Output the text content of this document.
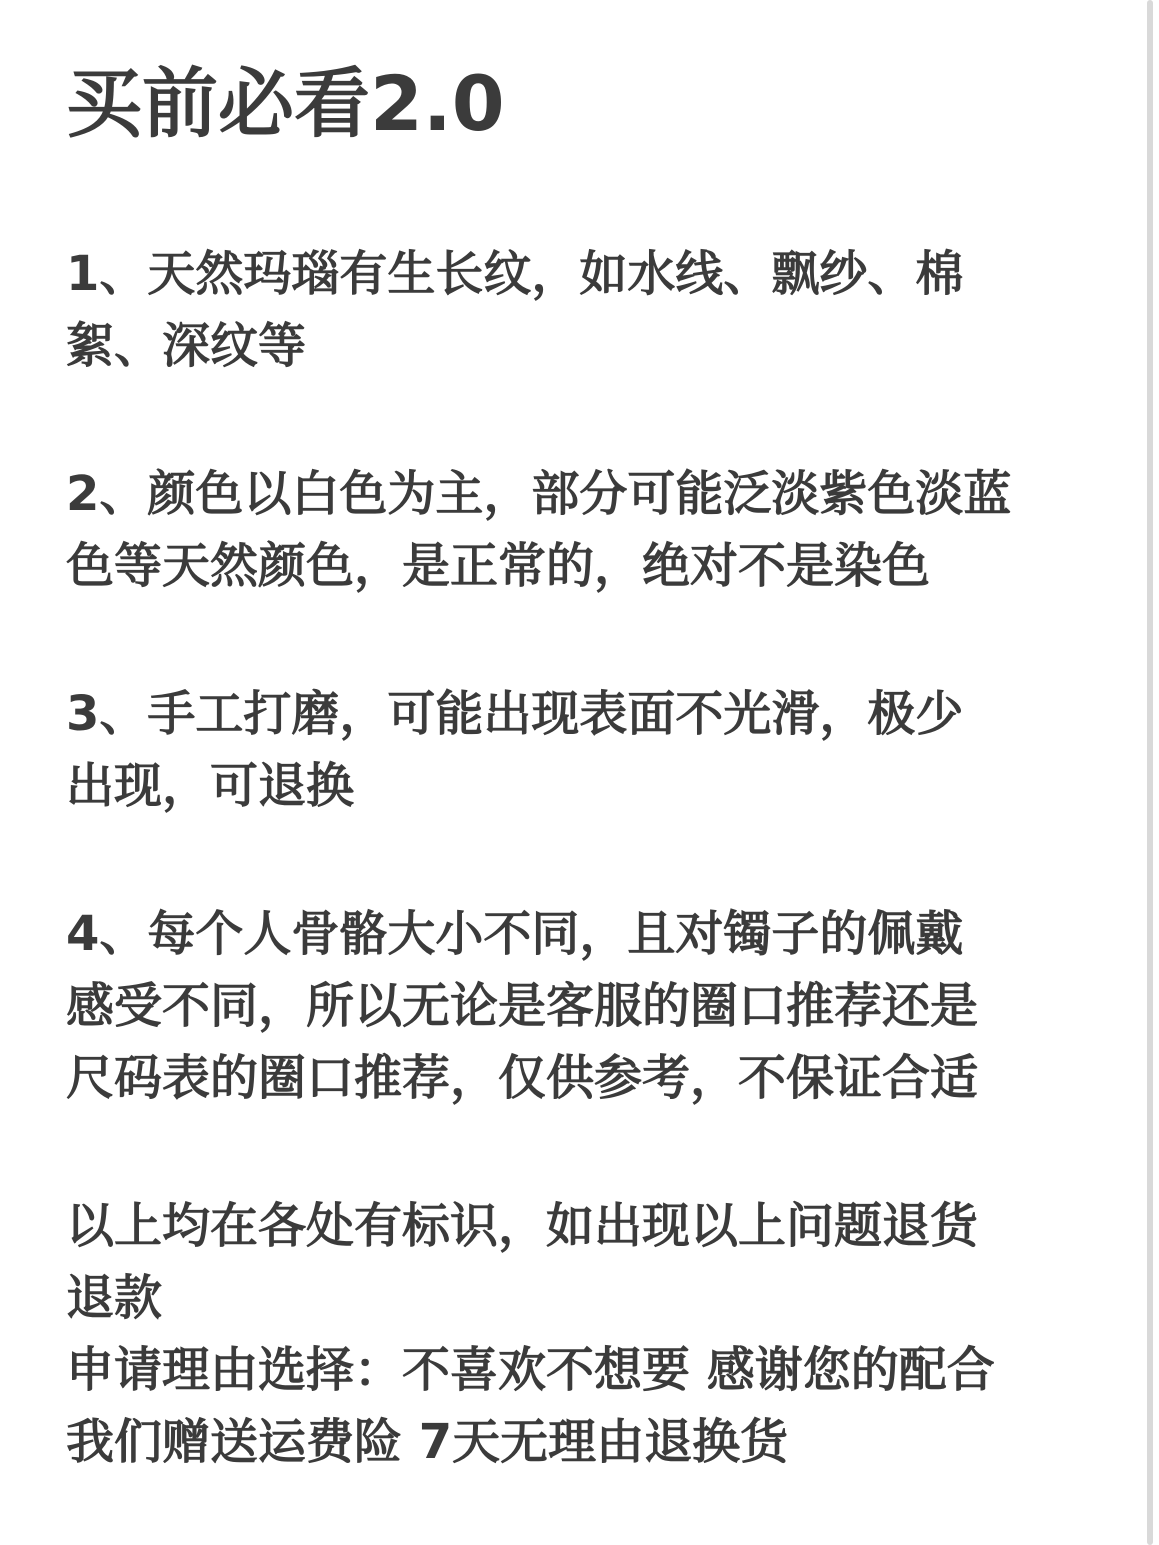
买前必看2.0

1、天然玛瑙有生长纹，如水线、飘纱、棉
絮、深纹等

2、颜色以白色为主，部分可能泛淡紫色淡蓝
色等天然颜色，是正常的，绝对不是染色

3、手工打磨，可能出现表面不光滑，极少
出现，可退换

4、每个人骨骼大小不同，且对镯子的佩戴
感受不同，所以无论是客服的圈口推荐还是
尺码表的圈口推荐，仅供参考，不保证合适

以上均在各处有标识，如出现以上问题退货
退款
申请理由选择：不喜欢不想要 感谢您的配合
我们赠送运费险 7天无理由退换货
